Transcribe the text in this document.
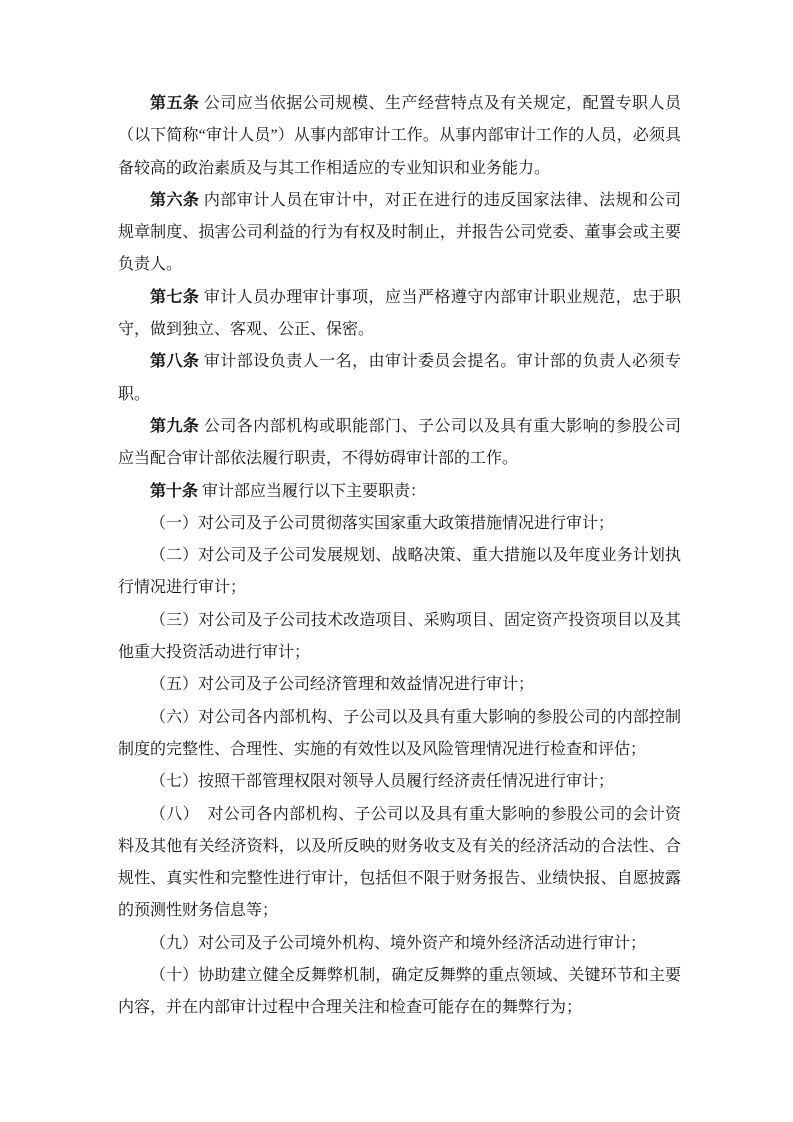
第五条 公司应当依据公司规模、生产经营特点及有关规定，配置专职人员（以下简称“审计人员”）从事内部审计工作。从事内部审计工作的人员，必须具备较高的政治素质及与其工作相适应的专业知识和业务能力。

第六条 内部审计人员在审计中，对正在进行的违反国家法律、法规和公司规章制度、损害公司利益的行为有权及时制止，并报告公司党委、董事会或主要负责人。

第七条 审计人员办理审计事项，应当严格遵守内部审计职业规范，忠于职守，做到独立、客观、公正、保密。

第八条 审计部设负责人一名，由审计委员会提名。审计部的负责人必须专职。

第九条 公司各内部机构或职能部门、子公司以及具有重大影响的参股公司应当配合审计部依法履行职责，不得妨碍审计部的工作。

第十条 审计部应当履行以下主要职责：

（一）对公司及子公司贯彻落实国家重大政策措施情况进行审计；

（二）对公司及子公司发展规划、战略决策、重大措施以及年度业务计划执行情况进行审计；

（三）对公司及子公司技术改造项目、采购项目、固定资产投资项目以及其他重大投资活动进行审计；

（五）对公司及子公司经济管理和效益情况进行审计；

（六）对公司各内部机构、子公司以及具有重大影响的参股公司的内部控制制度的完整性、合理性、实施的有效性以及风险管理情况进行检查和评估；

（七）按照干部管理权限对领导人员履行经济责任情况进行审计；

（八）　对公司各内部机构、子公司以及具有重大影响的参股公司的会计资料及其他有关经济资料，以及所反映的财务收支及有关的经济活动的合法性、合规性、真实性和完整性进行审计，包括但不限于财务报告、业绩快报、自愿披露的预测性财务信息等；

（九）对公司及子公司境外机构、境外资产和境外经济活动进行审计；

（十）协助建立健全反舞弊机制，确定反舞弊的重点领域、关键环节和主要内容，并在内部审计过程中合理关注和检查可能存在的舞弊行为；
